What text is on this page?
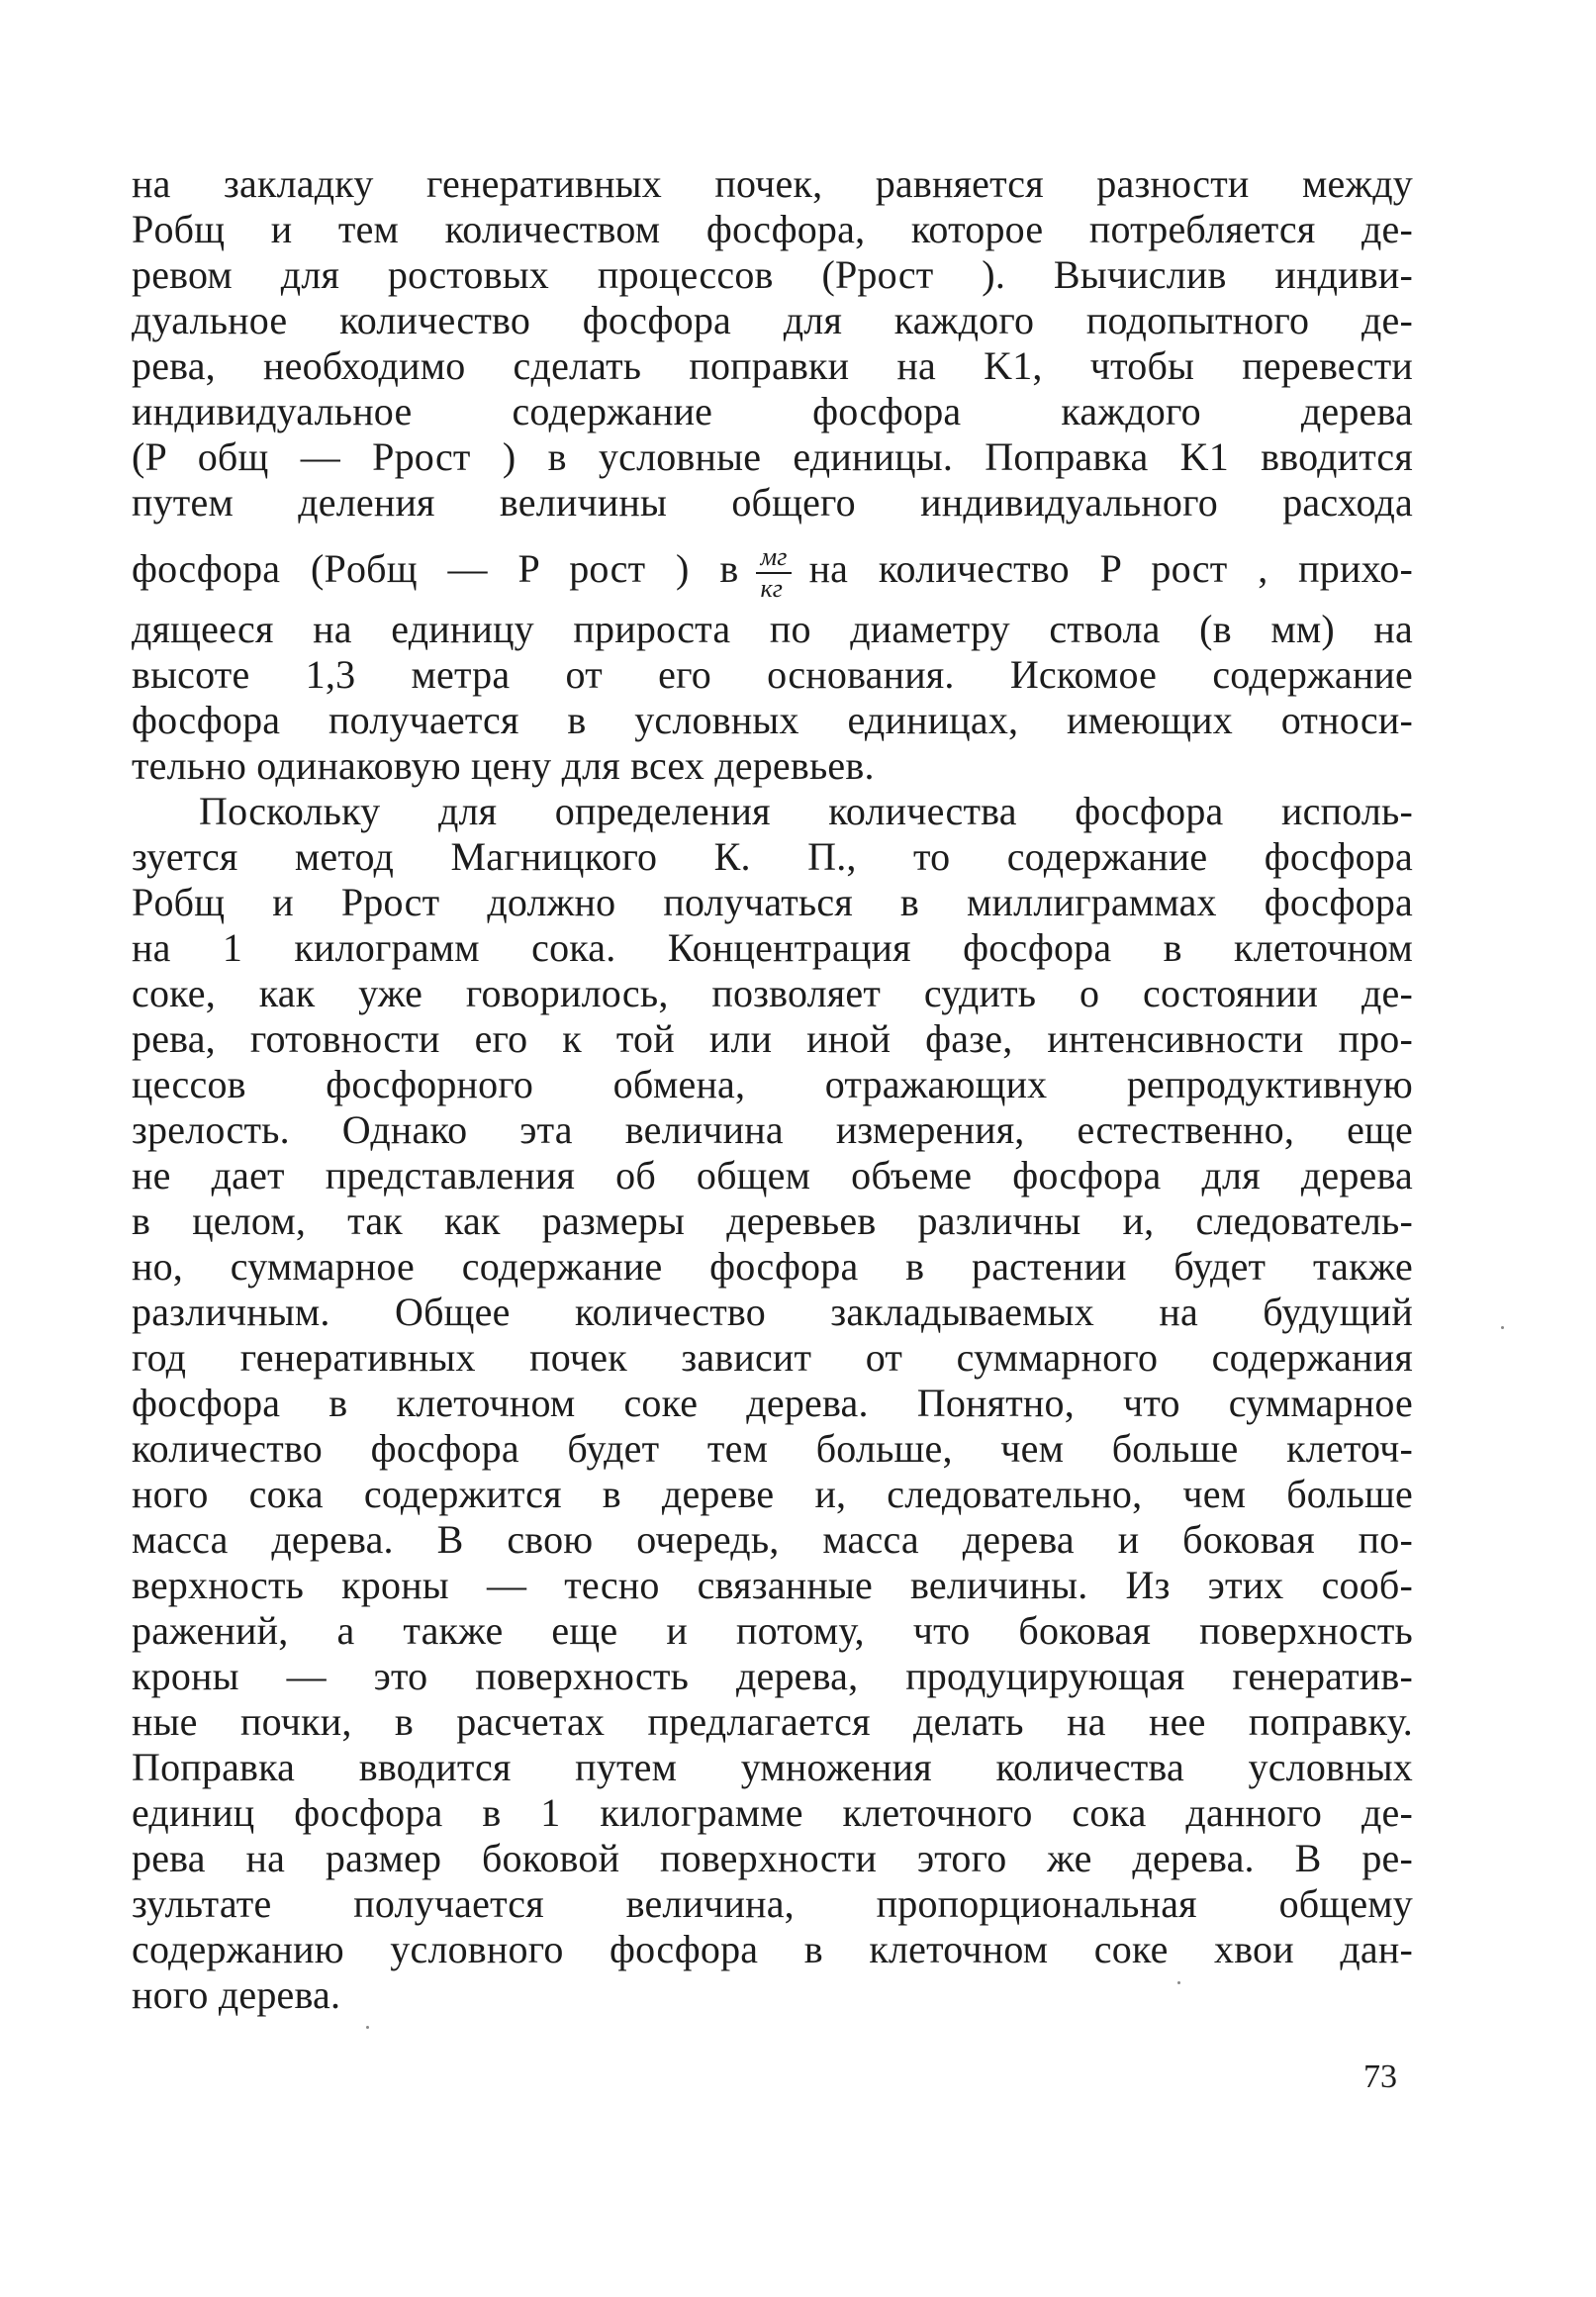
на закладку генеративных почек, равняется разности между
Pобщ и тем количеством фосфора, которое потребляется де-
ревом для ростовых процессов (Pрост ). Вычислив индиви-
дуальное количество фосфора для каждого подопытного де-
рева, необходимо сделать поправки на K1, чтобы перевести
индивидуальное содержание фосфора каждого дерева
(P общ — Pрост ) в условные единицы. Поправка K1 вводится
путем деления величины общего индивидуального расхода
фосфора (Pобщ — P рост ) в $\frac{мг}{кг}$ на количество P рост , прихо-
дящееся на единицу прироста по диаметру ствола (в мм) на
высоте 1,3 метра от его основания. Искомое содержание
фосфора получается в условных единицах, имеющих относи-
тельно одинаковую цену для всех деревьев.
Поскольку для определения количества фосфора исполь-
зуется метод Магницкого К. П., то содержание фосфора
Pобщ и Pрост должно получаться в миллиграммах фосфора
на 1 килограмм сока. Концентрация фосфора в клеточном
соке, как уже говорилось, позволяет судить о состоянии де-
рева, готовности его к той или иной фазе, интенсивности про-
цессов фосфорного обмена, отражающих репродуктивную
зрелость. Однако эта величина измерения, естественно, еще
не дает представления об общем объеме фосфора для дерева
в целом, так как размеры деревьев различны и, следователь-
но, суммарное содержание фосфора в растении будет также
различным. Общее количество закладываемых на будущий
год генеративных почек зависит от суммарного содержания
фосфора в клеточном соке дерева. Понятно, что суммарное
количество фосфора будет тем больше, чем больше клеточ-
ного сока содержится в дереве и, следовательно, чем больше
масса дерева. В свою очередь, масса дерева и боковая по-
верхность кроны — тесно связанные величины. Из этих сооб-
ражений, а также еще и потому, что боковая поверхность
кроны — это поверхность дерева, продуцирующая генератив-
ные почки, в расчетах предлагается делать на нее поправку.
Поправка вводится путем умножения количества условных
единиц фосфора в 1 килограмме клеточного сока данного де-
рева на размер боковой поверхности этого же дерева. В ре-
зультате получается величина, пропорциональная общему
содержанию условного фосфора в клеточном соке хвои дан-
ного дерева.
73
